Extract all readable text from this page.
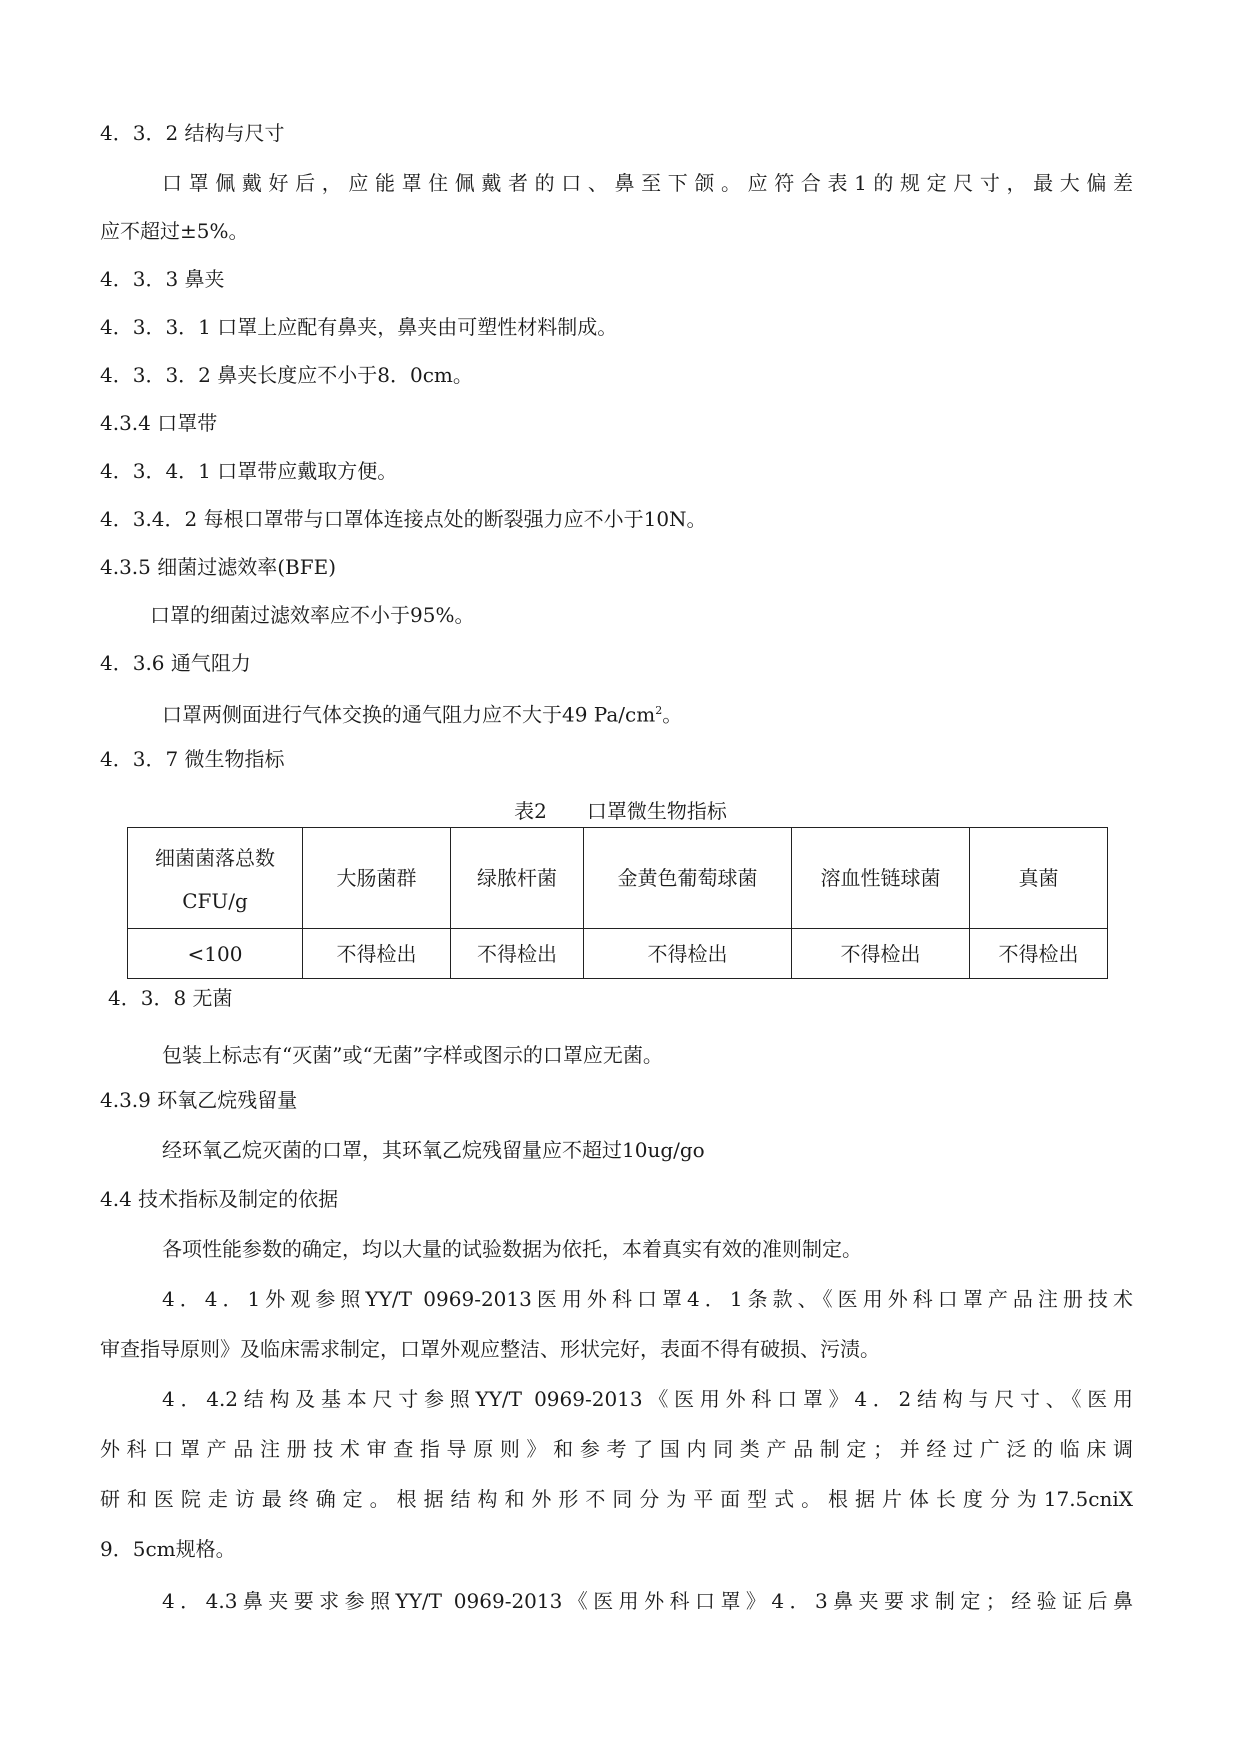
4．3．2 结构与尺寸
口罩佩戴好后，应能罩住佩戴者的口、鼻至下颌。应符合表1的规定尺寸，最大偏差
应不超过±5%。
4．3．3 鼻夹
4．3．3．1 口罩上应配有鼻夹，鼻夹由可塑性材料制成。
4．3．3．2 鼻夹长度应不小于8．0cm。
4.3.4 口罩带
4．3．4．1 口罩带应戴取方便。
4．3.4．2 每根口罩带与口罩体连接点处的断裂强力应不小于10N。
4.3.5 细菌过滤效率(BFE)
口罩的细菌过滤效率应不小于95%。
4．3.6 通气阻力
口罩两侧面进行气体交换的通气阻力应不大于49 $Pa/cm^2$。
4．3．7 微生物指标
表2 口罩微生物指标
细菌菌落总数
CFU/g	大肠菌群	绿脓杆菌	金黄色葡萄球菌	溶血性链球菌	真菌
<100	不得检出	不得检出	不得检出	不得检出	不得检出
4．3．8 无菌
包装上标志有“灭菌”或“无菌”字样或图示的口罩应无菌。
4.3.9 环氧乙烷残留量
经环氧乙烷灭菌的口罩，其环氧乙烷残留量应不超过10ug/go
4.4 技术指标及制定的依据
各项性能参数的确定，均以大量的试验数据为依托，本着真实有效的准则制定。
4．4．1外观参照YY/T 0969-2013医用外科口罩4．1条款、《医用外科口罩产品注册技术
审查指导原则》及临床需求制定，口罩外观应整洁、形状完好，表面不得有破损、污渍。
4．4.2结构及基本尺寸参照YY/T 0969-2013《医用外科口罩》4．2结构与尺寸、《医用
外科口罩产品注册技术审查指导原则》和参考了国内同类产品制定；并经过广泛的临床调
研和医院走访最终确定。根据结构和外形不同分为平面型式。根据片体长度分为17.5cniX
9．5cm规格。
4．4.3鼻夹要求参照YY/T 0969-2013《医用外科口罩》4．3鼻夹要求制定；经验证后鼻
